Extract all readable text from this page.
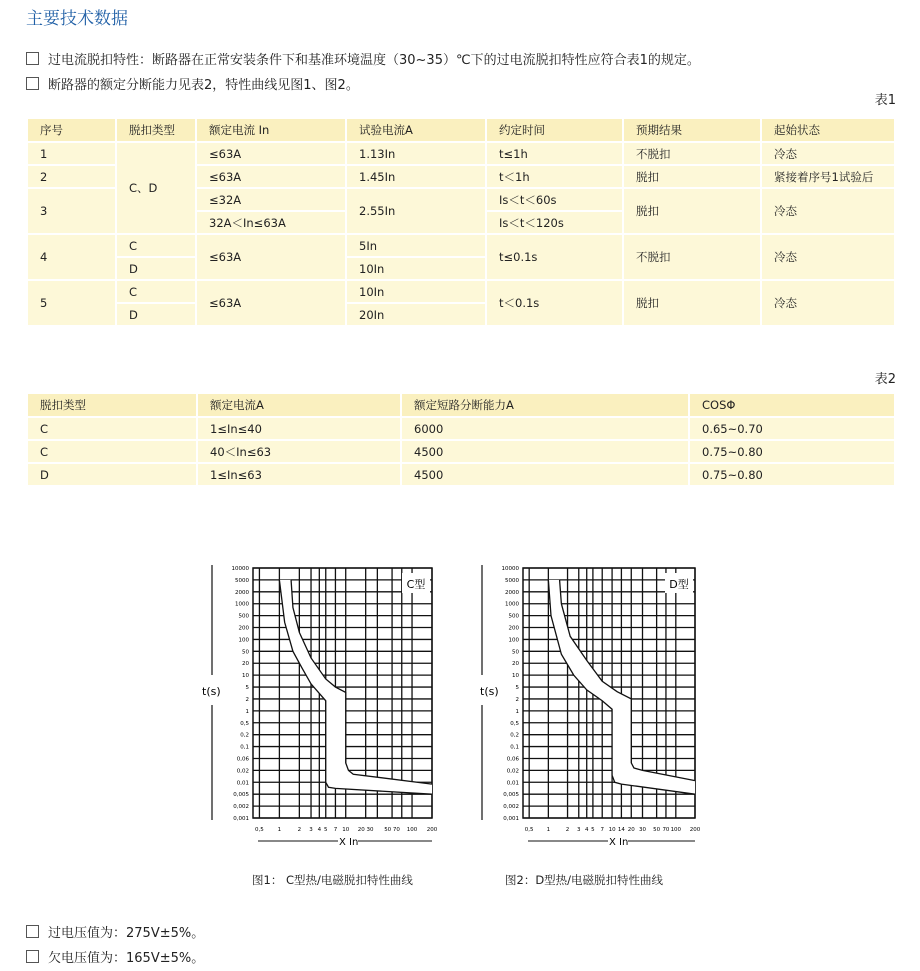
主要技术数据
过电流脱扣特性：断路器在正常安装条件下和基准环境温度（30~35）℃下的过电流脱扣特性应符合表1的规定。
断路器的额定分断能力见表2，特性曲线见图1、图2。
表1
序号	脱扣类型	额定电流 In	试验电流A	约定时间	预期结果	起始状态
1	C、D	≤63A	1.13In	t≤1h	不脱扣	冷态
2		≤63A	1.45In	t＜1h	脱扣	紧接着序号1试验后
3		≤32A	2.55In	Is＜t＜60s	脱扣	冷态
		32A＜In≤63A		Is＜t＜120s		
4	C	≤63A	5In	t≤0.1s	不脱扣	冷态
	D		10In			
5	C	≤63A	10In	t＜0.1s	脱扣	冷态
	D		20In			
表2
脱扣类型	额定电流A	额定短路分断能力A	COSΦ
C	1≤In≤40	6000	0.65~0.70
C	40＜In≤63	4500	0.75~0.80
D	1≤In≤63	4500	0.75~0.80
10000
5000
2000
1000
500
200
100
50
20
10
5
2
1
0,5
0,2
0,1
0,06
0,02
0,01
0,005
0,002
0,001
0,5	1	2 3 4 5 7 10 20 30 50 70 100 200
C型
t(s)
X In
10000
5000
2000
1000
500
200
100
50
20
10
5
2
1
0,5
0,2
0,1
0,06
0,02
0,01
0,005
0,002
0,001
0,5 1	2 3 4 5 7 10 14 20 30 50 70 100 200
D型
t(s)
X In
图1： C型热/电磁脱扣特性曲线	图2：D型热/电磁脱扣特性曲线
过电压值为：275V±5%。
欠电压值为：165V±5%。
